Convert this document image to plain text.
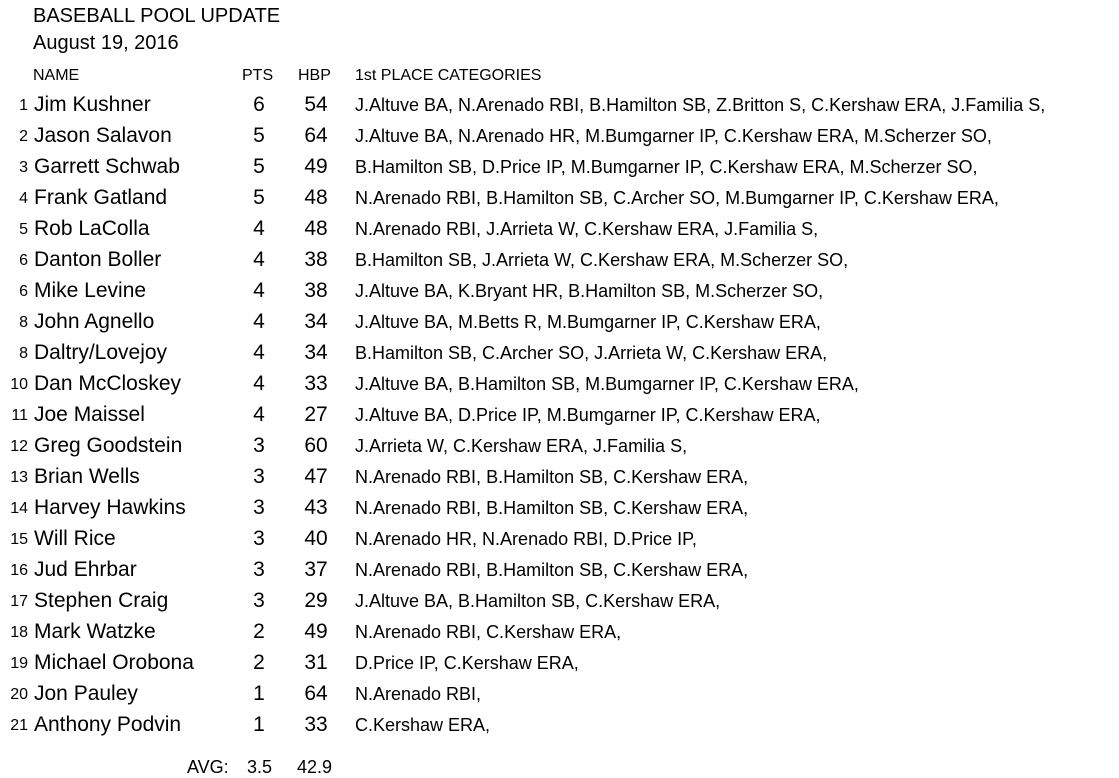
BASEBALL POOL UPDATE
August 19, 2016
NAME	PTS HBP 1st PLACE CATEGORIES
1 Jim Kushner	6	54 J.Altuve BA, N.Arenado RBI, B.Hamilton SB, Z.Britton S, C.Kershaw ERA, J.Familia S,
2 Jason Salavon	5	64 J.Altuve BA, N.Arenado HR, M.Bumgarner IP, C.Kershaw ERA, M.Scherzer SO,
3 Garrett Schwab	5	49 B.Hamilton SB, D.Price IP, M.Bumgarner IP, C.Kershaw ERA, M.Scherzer SO,
4 Frank Gatland	5	48 N.Arenado RBI, B.Hamilton SB, C.Archer SO, M.Bumgarner IP, C.Kershaw ERA,
5 Rob LaColla	4	48 N.Arenado RBI, J.Arrieta W, C.Kershaw ERA, J.Familia S,
6 Danton Boller	4	38 B.Hamilton SB, J.Arrieta W, C.Kershaw ERA, M.Scherzer SO,
6 Mike Levine	4	38 J.Altuve BA, K.Bryant HR, B.Hamilton SB, M.Scherzer SO,
8 John Agnello	4	34 J.Altuve BA, M.Betts R, M.Bumgarner IP, C.Kershaw ERA,
8 Daltry/Lovejoy	4	34 B.Hamilton SB, C.Archer SO, J.Arrieta W, C.Kershaw ERA,
10 Dan McCloskey	4	33 J.Altuve BA, B.Hamilton SB, M.Bumgarner IP, C.Kershaw ERA,
11 Joe Maissel	4	27 J.Altuve BA, D.Price IP, M.Bumgarner IP, C.Kershaw ERA,
12 Greg Goodstein	3	60 J.Arrieta W, C.Kershaw ERA, J.Familia S,
13 Brian Wells	3	47 N.Arenado RBI, B.Hamilton SB, C.Kershaw ERA,
14 Harvey Hawkins	3	43 N.Arenado RBI, B.Hamilton SB, C.Kershaw ERA,
15 Will Rice	3	40 N.Arenado HR, N.Arenado RBI, D.Price IP,
16 Jud Ehrbar	3	37 N.Arenado RBI, B.Hamilton SB, C.Kershaw ERA,
17 Stephen Craig	3	29 J.Altuve BA, B.Hamilton SB, C.Kershaw ERA,
18 Mark Watzke	2	49 N.Arenado RBI, C.Kershaw ERA,
19 Michael Orobona	2	31 D.Price IP, C.Kershaw ERA,
20 Jon Pauley	1	64 N.Arenado RBI,
21 Anthony Podvin	1	33 C.Kershaw ERA,
AVG: 3.5 42.9
